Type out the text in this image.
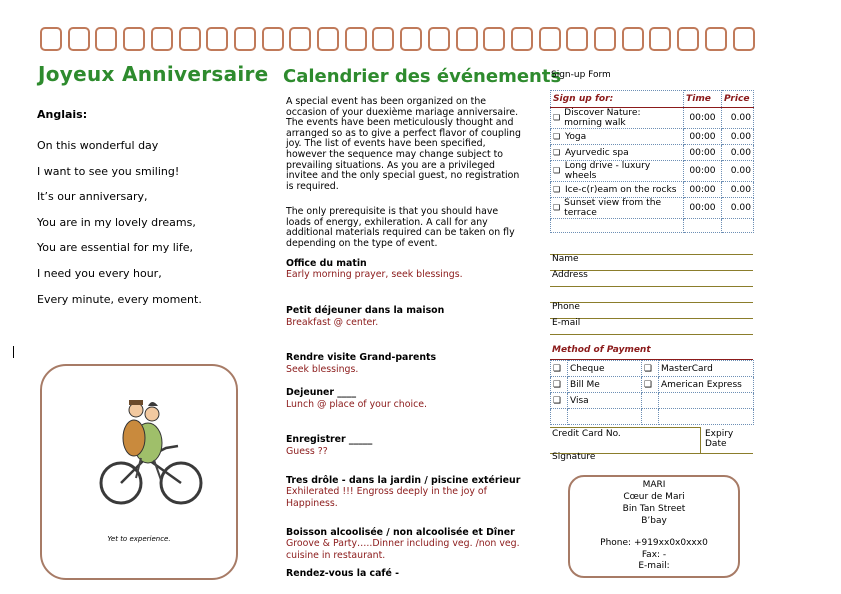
Joyeux Anniversaire
Anglais:
On this wonderful day
I want to see you smiling!
It’s our anniversary,
You are in my lovely dreams,
You are essential for my life,
I need you every hour,
Every minute, every moment.
Yet to experience.
Calendrier des événements
A special event has been organized on the occasion of your duexième mariage anniversaire. The events have been meticulously thought and arranged so as to give a perfect flavor of coupling joy. The list of events have been specified, however the sequence may change subject to prevailing situations. As you are a privileged invitee and the only special guest, no registration is required.
The only prerequisite is that you should have loads of energy, exhileration. A call for any additional materials required can be taken on fly depending on the type of event.
Office du matin
Early morning prayer, seek blessings.
Petit déjeuner dans la maison
Breakfast @ center.
Rendre visite Grand-parents
Seek blessings.
Dejeuner ____
Lunch @ place of your choice.
Enregistrer _____
Guess ??
Tres drôle - dans la jardin / piscine extérieur
Exhilerated !!! Engross deeply in the joy of Happiness.
Boisson alcoolisée / non alcoolisée et Dîner
Groove & Party…..Dinner including veg. /non veg. cuisine in restaurant.
Rendez-vous la café -
Sign-up Form
Sign up for:	Time	Price

❏ Discover Nature: morning walk	00:00	0.00

❏ Yoga	00:00	0.00

❏ Ayurvedic spa	00:00	0.00

❏ Long drive - luxury wheels	00:00	0.00

❏ Ice-c(r)eam on the rocks	00:00	0.00

❏ Sunset view from the terrace	00:00	0.00

Name
Address
Phone
E-mail
Method of Payment
❏	Cheque	❏	MasterCard
❏	Bill Me	❏	American Express
❏	Visa		

Credit Card No.	Expiry Date
Signature
MARI
Cœur de Mari
Bin Tan Street
B’bay
Phone: +919xx0x0xxx0
Fax: -
E-mail:
